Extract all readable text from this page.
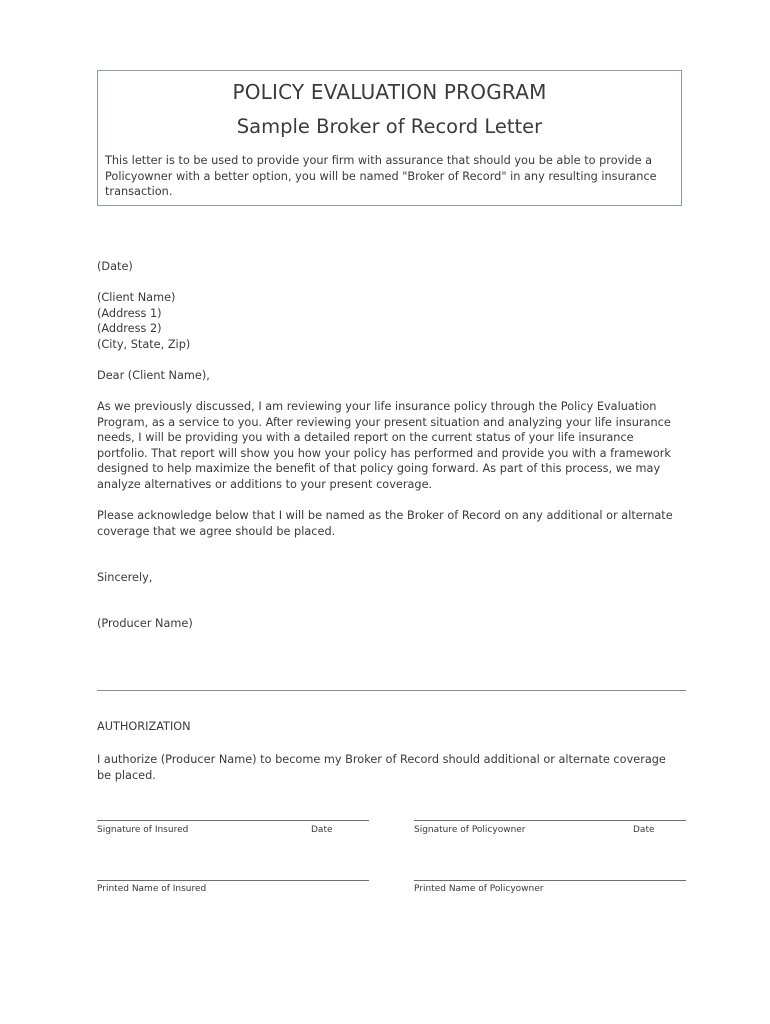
POLICY EVALUATION PROGRAM
Sample Broker of Record Letter
This letter is to be used to provide your firm with assurance that should you be able to provide a Policyowner with a better option, you will be named "Broker of Record" in any resulting insurance transaction.
(Date)

(Client Name)

(Address 1)

(Address 2)

(City, State, Zip)

Dear (Client Name),
As we previously discussed, I am reviewing your life insurance policy through the Policy Evaluation Program, as a service to you. After reviewing your present situation and analyzing your life insurance needs, I will be providing you with a detailed report on the current status of your life insurance portfolio. That report will show you how your policy has performed and provide you with a framework designed to help maximize the benefit of that policy going forward. As part of this process, we may analyze alternatives or additions to your present coverage.
Please acknowledge below that I will be named as the Broker of Record on any additional or alternate coverage that we agree should be placed.
Sincerely,
(Producer Name)
AUTHORIZATION
I authorize (Producer Name) to become my Broker of Record should additional or alternate coverage be placed.
Signature of Insured	Date	Signature of Policyowner	Date
Printed Name of Insured	Printed Name of Policyowner
